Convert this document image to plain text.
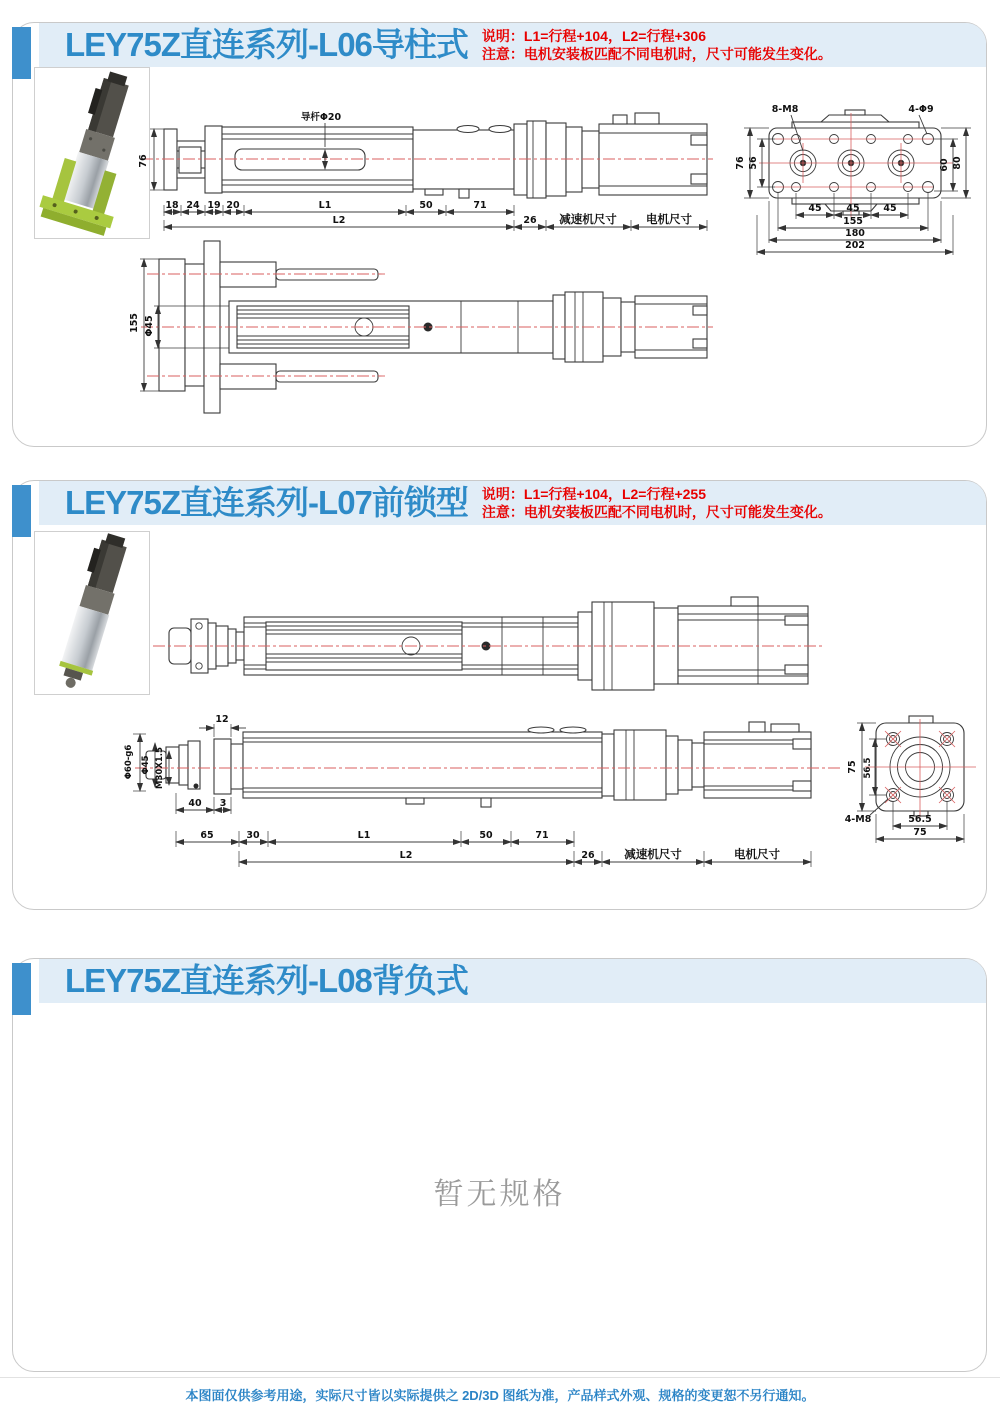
LEY75Z直连系列-L06导柱式 说明：L1=行程+104，L2=行程+306
注意：电机安装板匹配不同电机时，尺寸可能发生变化。
导杆Φ20
76
18 24 19 20	L1	50	71
L2	26 减速机尺寸	电机尺寸
8-M8	4-Φ9
76 56	60 80
45	45	45
155
180
202
155 Φ45
LEY75Z直连系列-L07前锁型 说明：L1=行程+104，L2=行程+255
注意：电机安装板匹配不同电机时，尺寸可能发生变化。
12
Φ60-g6 Φ45 M30X1.5
40 3
65	30	L1	50	71
L2	26	减速机尺寸	电机尺寸
75 56.5
56.5
75
4-M8
LEY75Z直连系列-L08背负式
暂无规格

本图面仅供参考用途，实际尺寸皆以实际提供之 2D/3D 图纸为准，产品样式外观、规格的变更恕不另行通知。
